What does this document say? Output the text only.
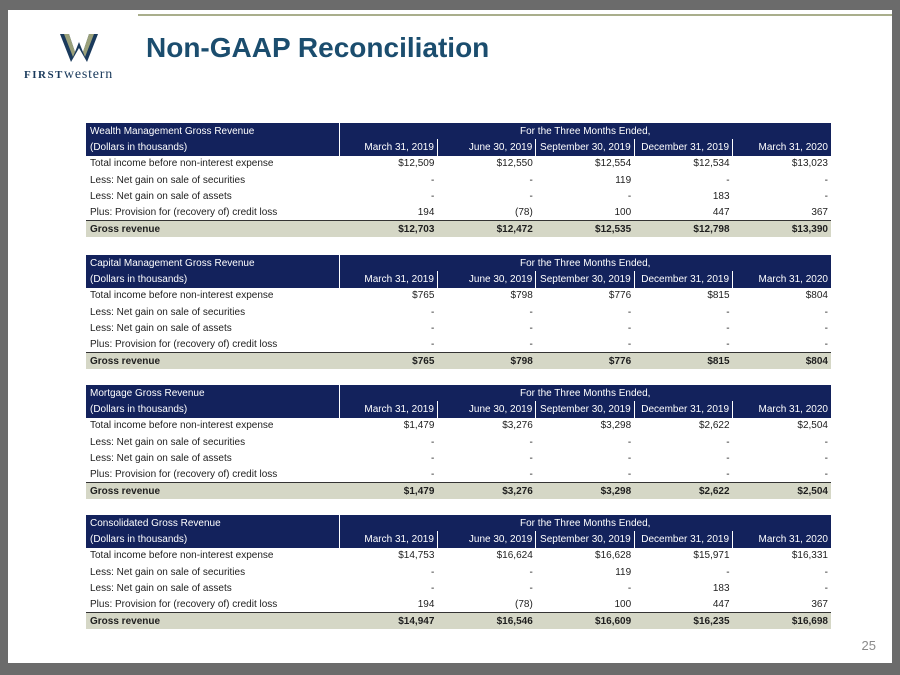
FIRSTwestern
Non-GAAP Reconciliation
Wealth Management Gross Revenue	For the Three Months Ended,				
(Dollars in thousands)	March 31, 2019	June 30, 2019	September 30, 2019	December 31, 2019	March 31, 2020
Total income before non-interest expense	$12,509	$12,550	$12,554	$12,534	$13,023
Less: Net gain on sale of securities	-	-	119	-	-
Less: Net gain on sale of assets	-	-	-	183	-
Plus: Provision for (recovery of) credit loss	194	(78)	100	447	367
Gross revenue	$12,703	$12,472	$12,535	$12,798	$13,390
Capital Management Gross Revenue	For the Three Months Ended,				
(Dollars in thousands)	March 31, 2019	June 30, 2019	September 30, 2019	December 31, 2019	March 31, 2020
Total income before non-interest expense	$765	$798	$776	$815	$804
Less: Net gain on sale of securities	-	-	-	-	-
Less: Net gain on sale of assets	-	-	-	-	-
Plus: Provision for (recovery of) credit loss	-	-	-	-	-
Gross revenue	$765	$798	$776	$815	$804
Mortgage Gross Revenue	For the Three Months Ended,				
(Dollars in thousands)	March 31, 2019	June 30, 2019	September 30, 2019	December 31, 2019	March 31, 2020
Total income before non-interest expense	$1,479	$3,276	$3,298	$2,622	$2,504
Less: Net gain on sale of securities	-	-	-	-	-
Less: Net gain on sale of assets	-	-	-	-	-
Plus: Provision for (recovery of) credit loss	-	-	-	-	-
Gross revenue	$1,479	$3,276	$3,298	$2,622	$2,504
Consolidated Gross Revenue	For the Three Months Ended,				
(Dollars in thousands)	March 31, 2019	June 30, 2019	September 30, 2019	December 31, 2019	March 31, 2020
Total income before non-interest expense	$14,753	$16,624	$16,628	$15,971	$16,331
Less: Net gain on sale of securities	-	-	119	-	-
Less: Net gain on sale of assets	-	-	-	183	-
Plus: Provision for (recovery of) credit loss	194	(78)	100	447	367
Gross revenue	$14,947	$16,546	$16,609	$16,235	$16,698
25
